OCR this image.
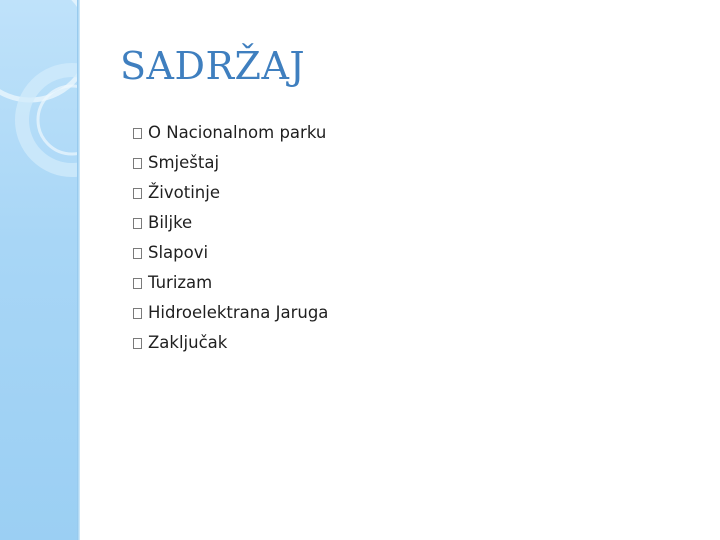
SADRŽAJ
O Nacionalnom parku
Smještaj
Životinje
Biljke
Slapovi
Turizam
Hidroelektrana Jaruga
Zaključak
